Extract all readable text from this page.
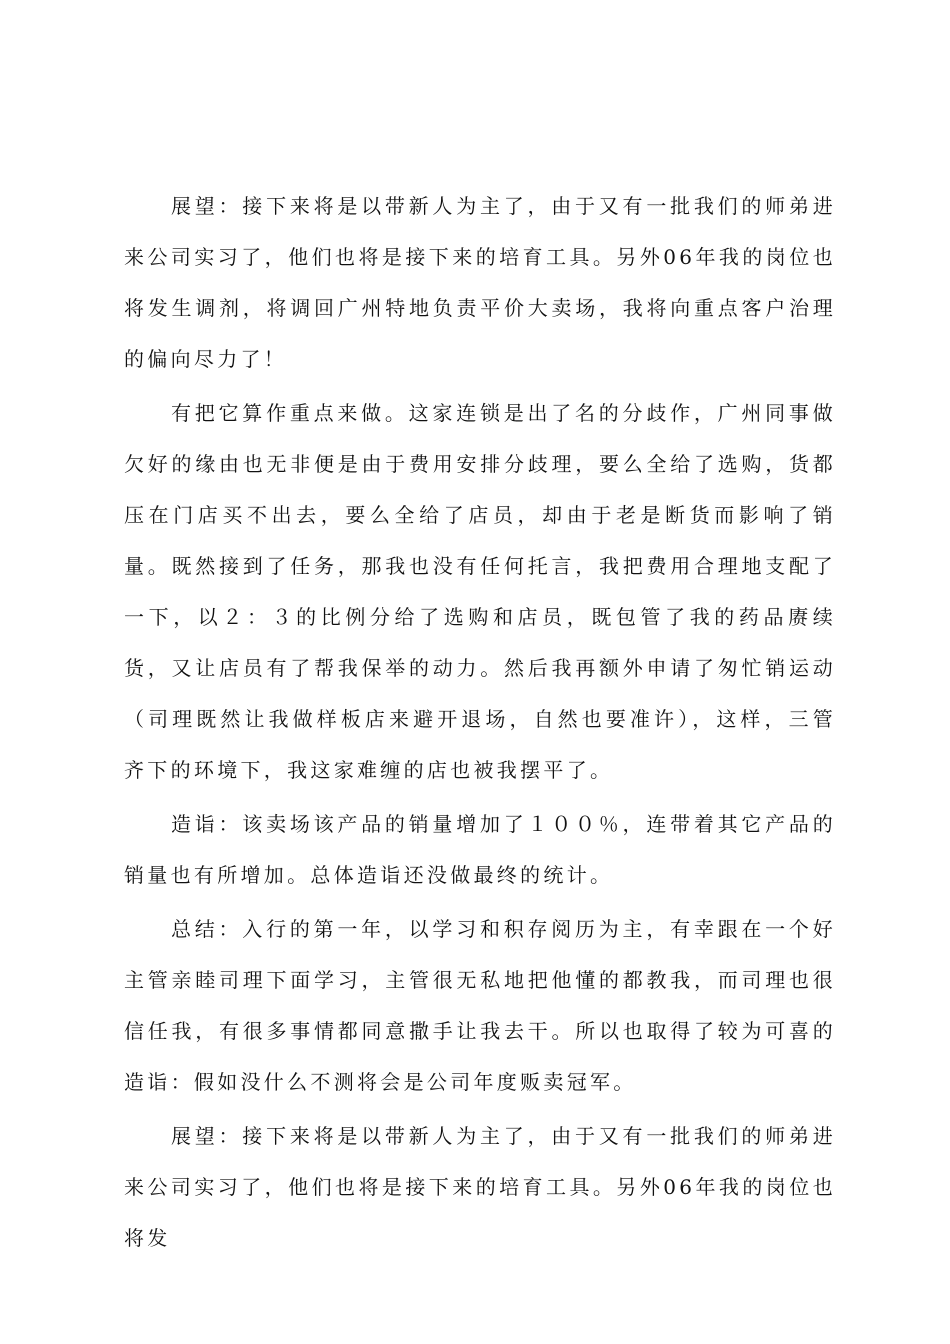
展望：接下来将是以带新人为主了，由于又有一批我们的师弟进来公司实习了，他们也将是接下来的培育工具。另外06年我的岗位也将发生调剂，将调回广州特地负责平价大卖场，我将向重点客户治理的偏向尽力了！

有把它算作重点来做。这家连锁是出了名的分歧作，广州同事做欠好的缘由也无非便是由于费用安排分歧理，要么全给了选购，货都压在门店买不出去，要么全给了店员，却由于老是断货而影响了销量。既然接到了任务，那我也没有任何托言，我把费用合理地支配了一下，以２：３的比例分给了选购和店员，既包管了我的药品赓续货，又让店员有了帮我保举的动力。然后我再额外申请了匆忙销运动（司理既然让我做样板店来避开退场，自然也要准许），这样，三管齐下的环境下，我这家难缠的店也被我摆平了。

造诣：该卖场该产品的销量增加了１００％，连带着其它产品的销量也有所增加。总体造诣还没做最终的统计。

总结：入行的第一年，以学习和积存阅历为主，有幸跟在一个好主管亲睦司理下面学习，主管很无私地把他懂的都教我，而司理也很信任我，有很多事情都同意撒手让我去干。所以也取得了较为可喜的造诣：假如没什么不测将会是公司年度贩卖冠军。

展望：接下来将是以带新人为主了，由于又有一批我们的师弟进来公司实习了，他们也将是接下来的培育工具。另外06年我的岗位也将发
